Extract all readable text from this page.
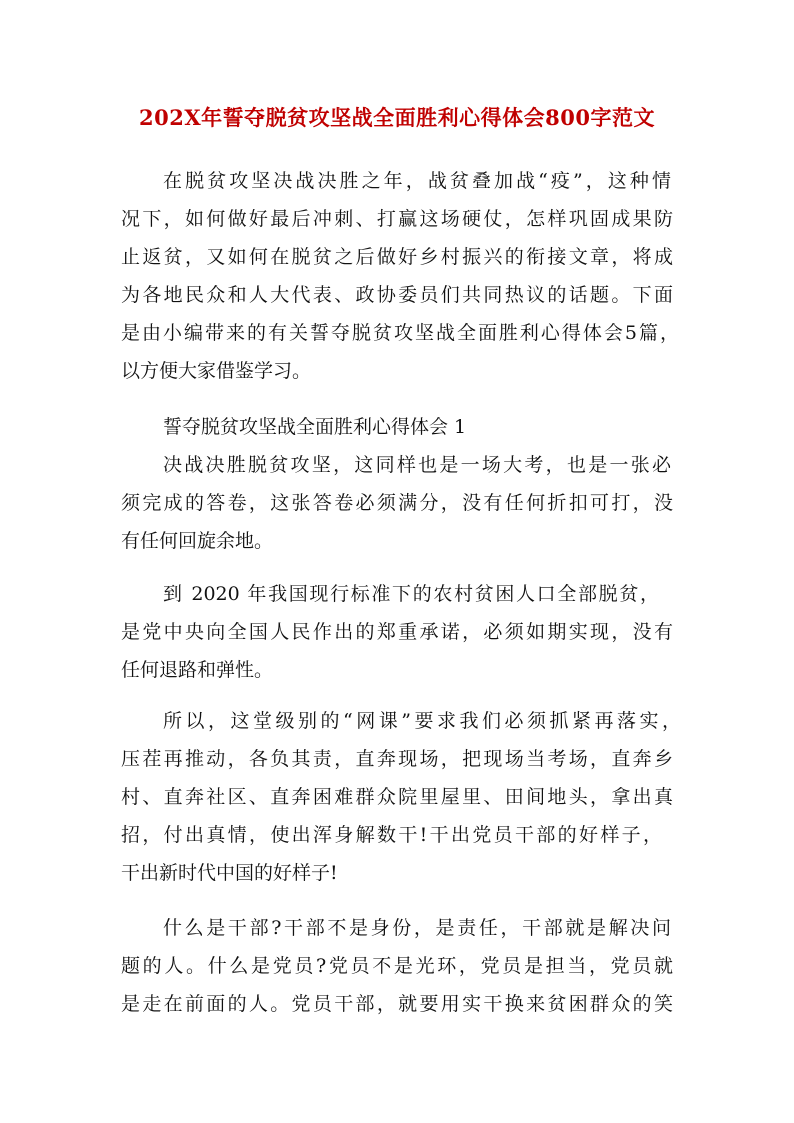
202X年誓夺脱贫攻坚战全面胜利心得体会800字范文

在脱贫攻坚决战决胜之年，战贫叠加战“疫”，这种情

况下，如何做好最后冲刺、打赢这场硬仗，怎样巩固成果防

止返贫，又如何在脱贫之后做好乡村振兴的衔接文章，将成

为各地民众和人大代表、政协委员们共同热议的话题。下面

是由小编带来的有关誓夺脱贫攻坚战全面胜利心得体会5篇，

以方便大家借鉴学习。

誓夺脱贫攻坚战全面胜利心得体会 1

决战决胜脱贫攻坚，这同样也是一场大考，也是一张必

须完成的答卷，这张答卷必须满分，没有任何折扣可打，没

有任何回旋余地。

到 2020 年我国现行标准下的农村贫困人口全部脱贫，

是党中央向全国人民作出的郑重承诺，必须如期实现，没有

任何退路和弹性。

所以，这堂级别的“网课”要求我们必须抓紧再落实，

压茬再推动，各负其责，直奔现场，把现场当考场，直奔乡

村、直奔社区、直奔困难群众院里屋里、田间地头，拿出真

招，付出真情，使出浑身解数干!干出党员干部的好样子，

干出新时代中国的好样子!

什么是干部?干部不是身份，是责任，干部就是解决问

题的人。什么是党员?党员不是光环，党员是担当，党员就

是走在前面的人。党员干部，就要用实干换来贫困群众的笑
